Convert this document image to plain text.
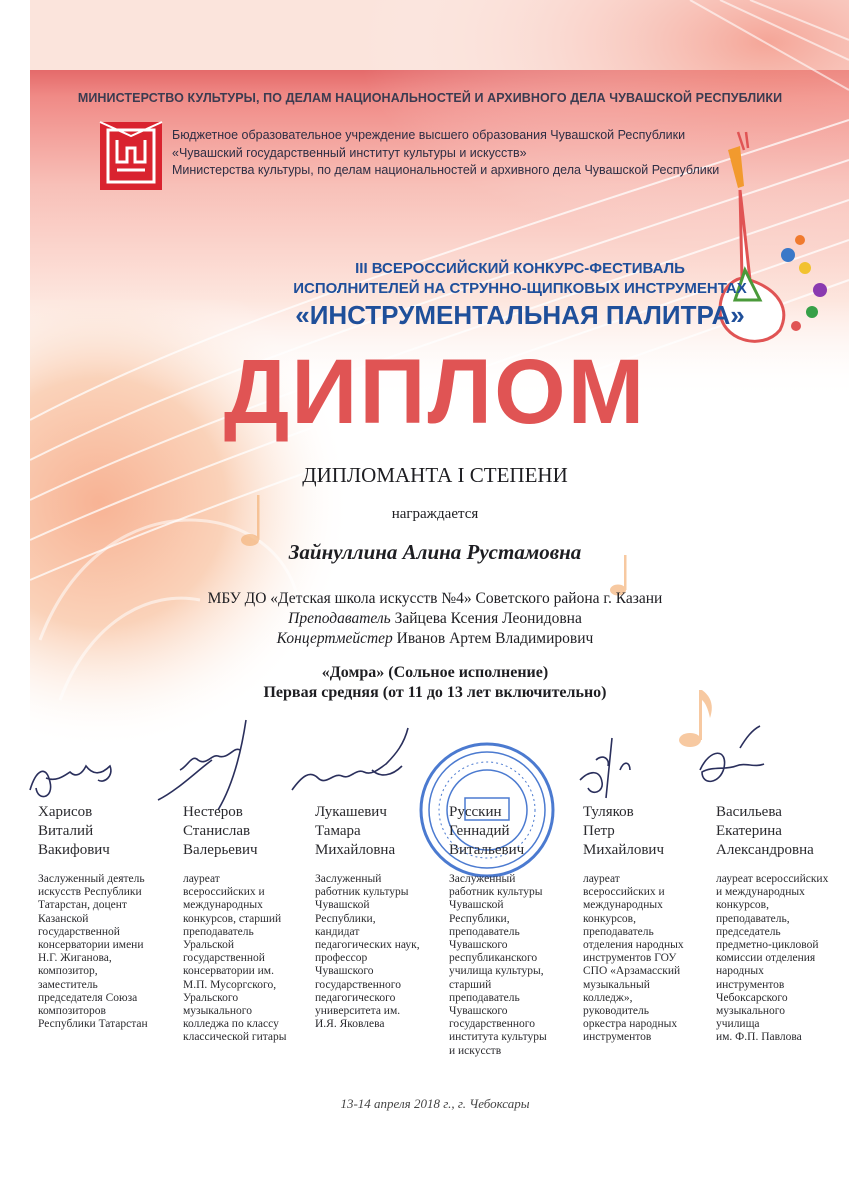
МИНИСТЕРСТВО КУЛЬТУРЫ, ПО ДЕЛАМ НАЦИОНАЛЬНОСТЕЙ И АРХИВНОГО ДЕЛА ЧУВАШСКОЙ РЕСПУБЛИКИ
Бюджетное образовательное учреждение высшего образования Чувашской Республики
«Чувашский государственный институт культуры и искусств»
Министерства культуры, по делам национальностей и архивного дела Чувашской Республики
III ВСЕРОССИЙСКИЙ КОНКУРС-ФЕСТИВАЛЬ
ИСПОЛНИТЕЛЕЙ НА СТРУННО-ЩИПКОВЫХ ИНСТРУМЕНТАХ
«ИНСТРУМЕНТАЛЬНАЯ ПАЛИТРА»
ДИПЛОМ
ДИПЛОМАНТА I СТЕПЕНИ
награждается
Зайнуллина Алина Рустамовна
МБУ ДО «Детская школа искусств №4» Советского района г. Казани
Преподаватель Зайцева Ксения Леонидовна
Концертмейстер Иванов Артем Владимирович
«Домра» (Сольное исполнение)
Первая средняя (от 11 до 13 лет включительно)
Харисов
Виталий
Вакифович
Нестеров
Станислав
Валерьевич
Лукашевич
Тамара
Михайловна
Русскин
Геннадий
Витальевич
Туляков
Петр
Михайлович
Васильева
Екатерина
Александровна
Заслуженный деятель
искусств Республики
Татарстан, доцент
Казанской
государственной
консерватории имени
Н.Г. Жиганова,
композитор,
заместитель
председателя Союза
композиторов
Республики Татарстан
лауреат
всероссийских и
международных
конкурсов, старший
преподаватель
Уральской
государственной
консерватории им.
М.П. Мусоргского,
Уральского
музыкального
колледжа по классу
классической гитары
Заслуженный
работник культуры
Чувашской
Республики,
кандидат
педагогических наук,
профессор
Чувашского
государственного
педагогического
университета им.
И.Я. Яковлева
Заслуженный
работник культуры
Чувашской
Республики,
преподаватель
Чувашского
республиканского
училища культуры,
старший
преподаватель
Чувашского
государственного
института культуры
и искусств
лауреат
всероссийских и
международных
конкурсов,
преподаватель
отделения народных
инструментов ГОУ
СПО «Арзамасский
музыкальный
колледж»,
руководитель
оркестра народных
инструментов
лауреат всероссийских
и международных
конкурсов,
преподаватель,
председатель
предметно-цикловой
комиссии отделения
народных
инструментов
Чебоксарского
музыкального
училища
им. Ф.П. Павлова
13-14 апреля 2018 г., г. Чебоксары
